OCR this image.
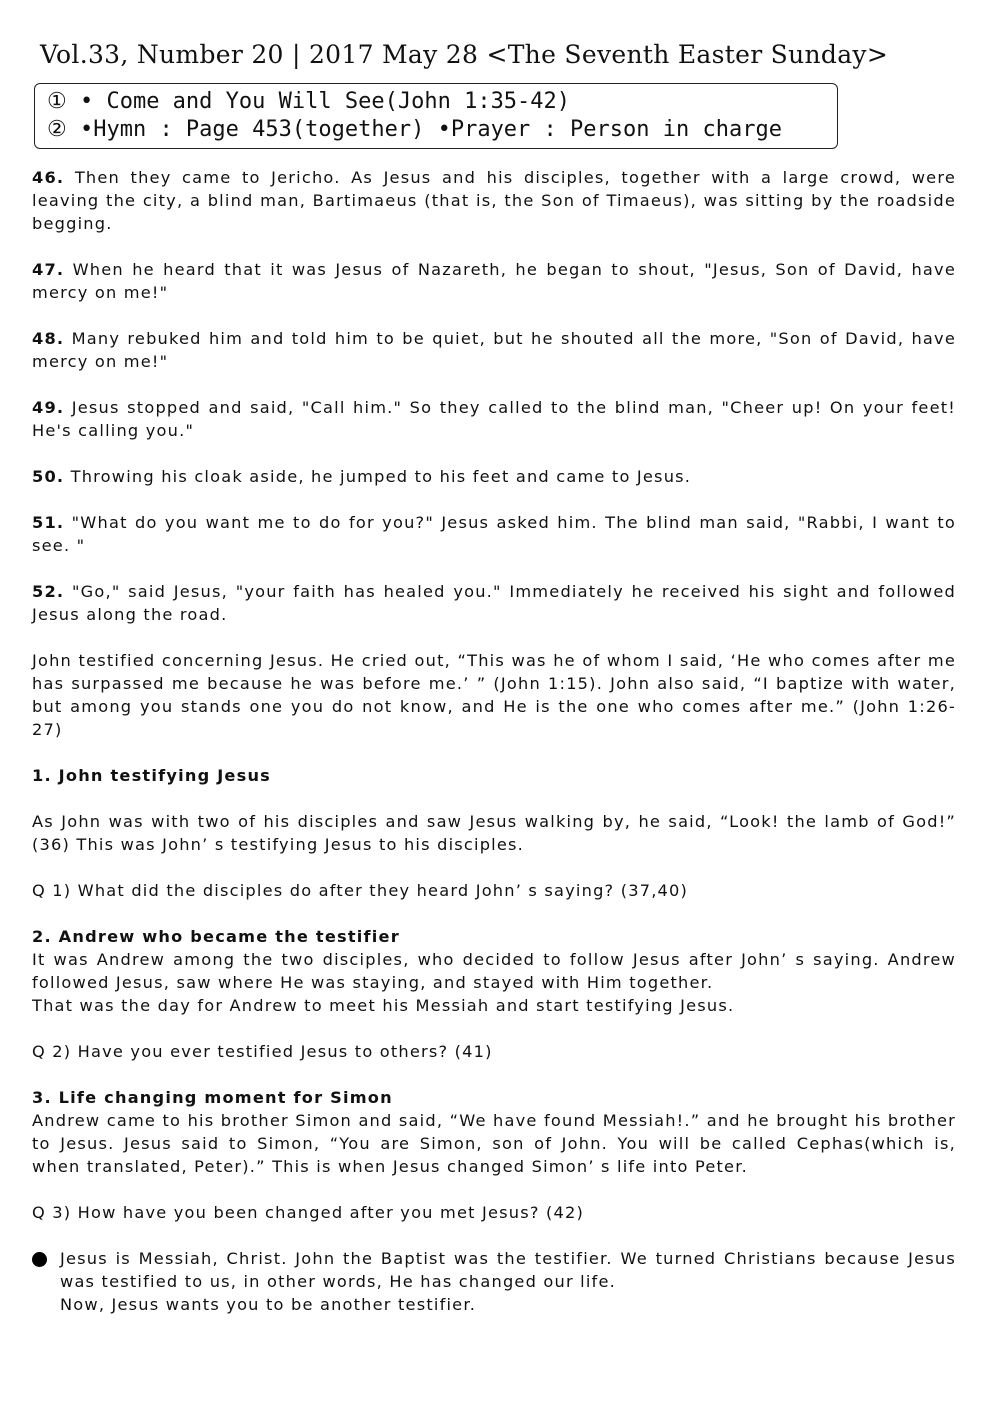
Vol.33, Number 20 | 2017 May 28 <The Seventh Easter Sunday>
① • Come and You Will See(John 1:35-42)
② •Hymn : Page 453(together) •Prayer : Person in charge
46. Then they came to Jericho. As Jesus and his disciples, together with a large crowd, were leaving the city, a blind man, Bartimaeus (that is, the Son of Timaeus), was sitting by the roadside begging.
47. When he heard that it was Jesus of Nazareth, he began to shout, "Jesus, Son of David, have mercy on me!"
48. Many rebuked him and told him to be quiet, but he shouted all the more, "Son of David, have mercy on me!"
49. Jesus stopped and said, "Call him." So they called to the blind man, "Cheer up! On your feet! He's calling you."
50. Throwing his cloak aside, he jumped to his feet and came to Jesus.
51. "What do you want me to do for you?" Jesus asked him. The blind man said, "Rabbi, I want to see. "
52. "Go," said Jesus, "your faith has healed you." Immediately he received his sight and followed Jesus along the road.
John testified concerning Jesus. He cried out, “This was he of whom I said, ‘He who comes after me has surpassed me because he was before me.’ ” (John 1:15). John also said, “I baptize with water, but among you stands one you do not know, and He is the one who comes after me.” (John 1:26-27)
1. John testifying Jesus
As John was with two of his disciples and saw Jesus walking by, he said, “Look! the lamb of God!” (36) This was John’ s testifying Jesus to his disciples.
Q 1) What did the disciples do after they heard John’ s saying? (37,40)
2. Andrew who became the testifier
It was Andrew among the two disciples, who decided to follow Jesus after John’ s saying. Andrew followed Jesus, saw where He was staying, and stayed with Him together.
That was the day for Andrew to meet his Messiah and start testifying Jesus.
Q 2) Have you ever testified Jesus to others? (41)
3. Life changing moment for Simon
Andrew came to his brother Simon and said, “We have found Messiah!.” and he brought his brother to Jesus. Jesus said to Simon, “You are Simon, son of John. You will be called Cephas(which is, when translated, Peter).” This is when Jesus changed Simon’ s life into Peter.
Q 3) How have you been changed after you met Jesus? (42)
Jesus is Messiah, Christ. John the Baptist was the testifier. We turned Christians because Jesus was testified to us, in other words, He has changed our life.
Now, Jesus wants you to be another testifier.
